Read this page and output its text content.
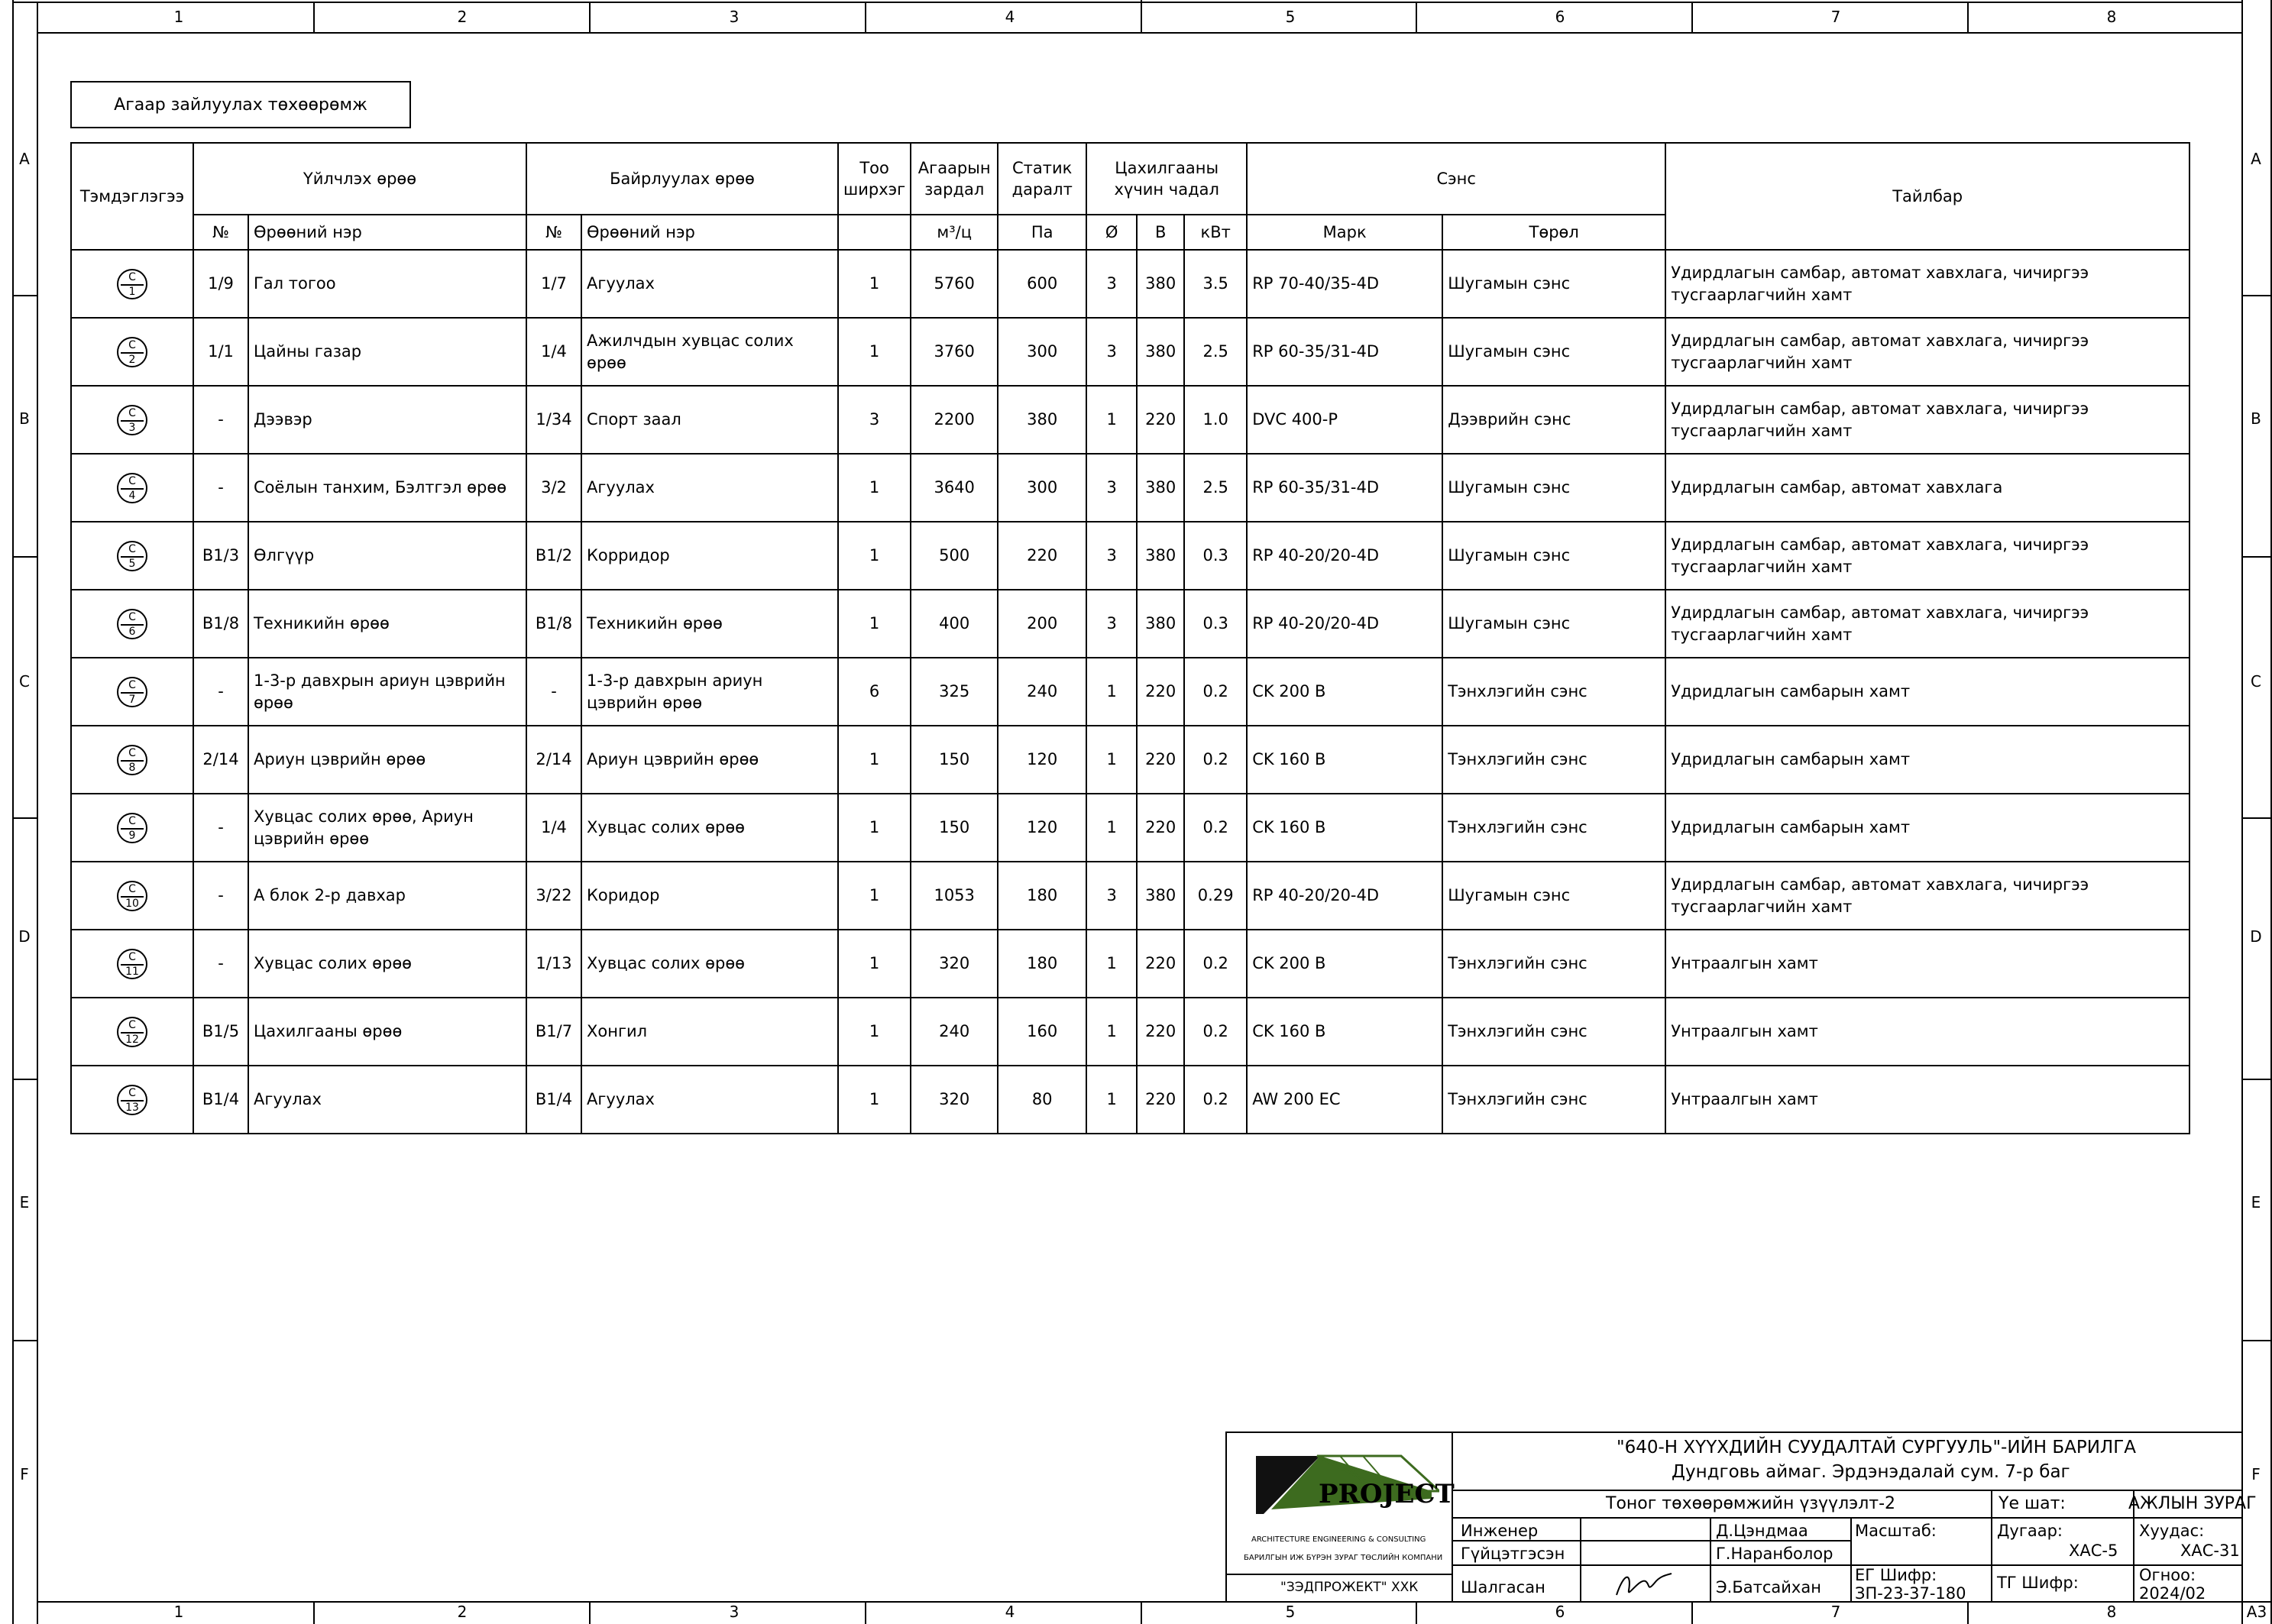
1	2	3	4	5	6	7	8
1	2	3	4	5	6	7	8	A3
A
B
C
D
E
F
A
B
C
D
E
F
Агаар зайлуулах төхөөрөмж
Тэмдэглэгээ	Үйлчлэх өрөө		Байрлуулах өрөө		Тоо ширхэг	Агаарын зардал	Статик даралт	Цахилгааны хүчин чадал			Сэнс		Тайлбар
	№	Өрөөний нэр	№	Өрөөний нэр		м³/ц	Па	Ø	В	кВт	Марк	Төрөл	

C
1	1/9	Гал тогоо	1/7	Агуулах	1	5760	600	3	380	3.5	RP 70-40/35-4D	Шугамын сэнс	Удирдлагын самбар, автомат хавхлага, чичиргээ тусгаарлагчийн хамт

C
2	1/1	Цайны газар	1/4	Ажилчдын хувцас солих өрөө	1	3760	300	3	380	2.5	RP 60-35/31-4D	Шугамын сэнс	Удирдлагын самбар, автомат хавхлага, чичиргээ тусгаарлагчийн хамт

C
3	-	Дээвэр	1/34	Спорт заал	3	2200	380	1	220	1.0	DVC 400-P	Дээврийн сэнс	Удирдлагын самбар, автомат хавхлага, чичиргээ тусгаарлагчийн хамт

C
4	-	Соёлын танхим, Бэлтгэл өрөө	3/2	Агуулах	1	3640	300	3	380	2.5	RP 60-35/31-4D	Шугамын сэнс	Удирдлагын самбар, автомат хавхлага

C
5	B1/3	Өлгүүр	B1/2	Корридор	1	500	220	3	380	0.3	RP 40-20/20-4D	Шугамын сэнс	Удирдлагын самбар, автомат хавхлага, чичиргээ тусгаарлагчийн хамт

C
6	B1/8	Техникийн өрөө	B1/8	Техникийн өрөө	1	400	200	3	380	0.3	RP 40-20/20-4D	Шугамын сэнс	Удирдлагын самбар, автомат хавхлага, чичиргээ тусгаарлагчийн хамт

C
7	-	1-3-р давхрын ариун цэврийн өрөө	-	1-3-р давхрын ариун цэврийн өрөө	6	325	240	1	220	0.2	CK 200 B	Тэнхлэгийн сэнс	Удридлагын самбарын хамт

C
8	2/14	Ариун цэврийн өрөө	2/14	Ариун цэврийн өрөө	1	150	120	1	220	0.2	CK 160 B	Тэнхлэгийн сэнс	Удридлагын самбарын хамт

C
9	-	Хувцас солих өрөө, Ариун цэврийн өрөө	1/4	Хувцас солих өрөө	1	150	120	1	220	0.2	CK 160 B	Тэнхлэгийн сэнс	Удридлагын самбарын хамт

C
10	-	А блок 2-р давхар	3/22	Коридор	1	1053	180	3	380	0.29	RP 40-20/20-4D	Шугамын сэнс	Удирдлагын самбар, автомат хавхлага, чичиргээ тусгаарлагчийн хамт

C
11	-	Хувцас солих өрөө	1/13	Хувцас солих өрөө	1	320	180	1	220	0.2	CK 200 B	Тэнхлэгийн сэнс	Унтраалгын хамт

C
12	B1/5	Цахилгааны өрөө	B1/7	Хонгил	1	240	160	1	220	0.2	CK 160 B	Тэнхлэгийн сэнс	Унтраалгын хамт

C
13	B1/4	Агуулах	B1/4	Агуулах	1	320	80	1	220	0.2	AW 200 EC	Тэнхлэгийн сэнс	Унтраалгын хамт
PROJECT
ARCHITECTURE ENGINEERING & CONSULTING
БАРИЛГЫН ИЖ БҮРЭН ЗУРАГ ТӨСЛИЙН КОМПАНИ
"ЗЭДПРОЖЕКТ" ХХК
"640-Н ХҮҮХДИЙН СУУДАЛТАЙ СУРГУУЛЬ"-ИЙН БАРИЛГА
Дундговь аймаг. Эрдэнэдалай сум. 7-р баг
Тоног төхөөрөмжийн үзүүлэлт-2	Үе шат:	АЖЛЫН ЗУРАГ
Инженер	Д.Цэндмаа
Гүйцэтгэсэн	Г.Наранболор
Шалгасан	Э.Батсайхан
Масштаб:
ЕГ Шифр:
ЗП-23-37-180
Дугаар:
ХАС-5
ТГ Шифр:
Хуудас:
ХАС-31
Огноо:
2024/02
